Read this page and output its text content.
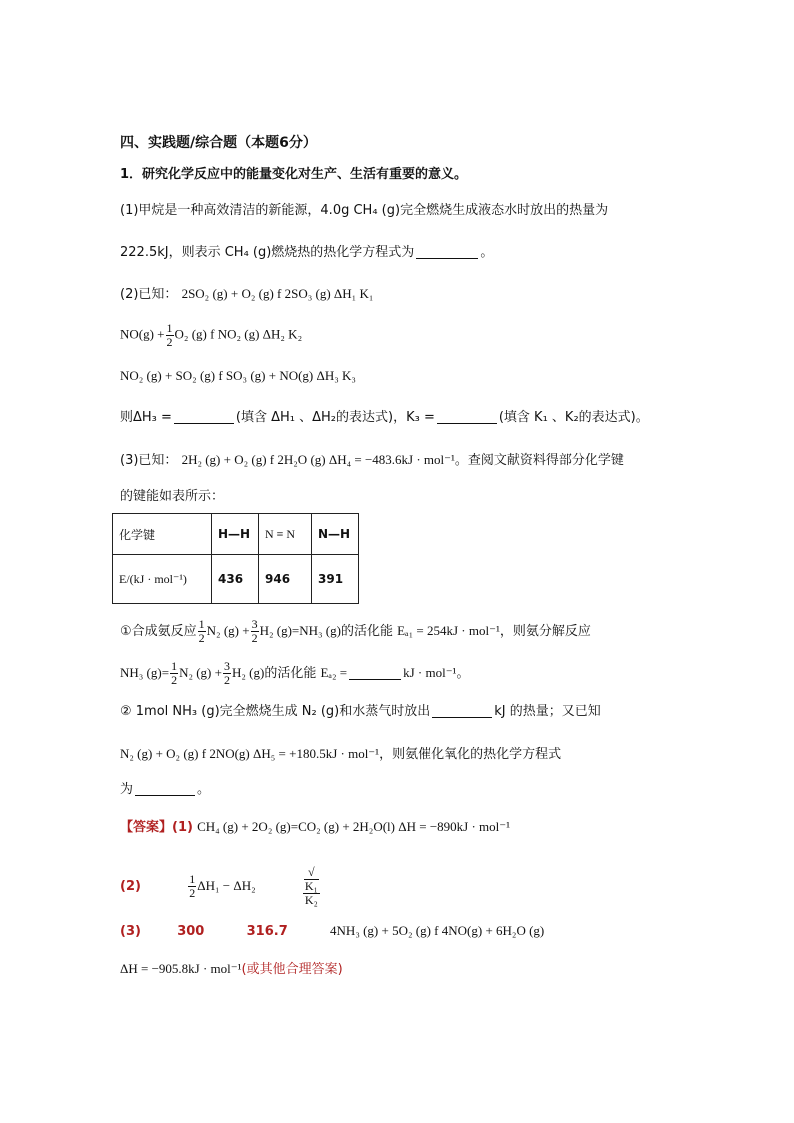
四、实践题/综合题（本题6分）
1．研究化学反应中的能量变化对生产、生活有重要的意义。
(1)甲烷是一种高效清洁的新能源，4.0g CH₄ (g)完全燃烧生成液态水时放出的热量为
222.5kJ，则表示 CH₄ (g)燃烧热的热化学方程式为	。
(2)已知： 2SO₂ (g) + O₂ (g) f 2SO₃ (g) ΔH₁ K₁
$NO(g) + \frac{1}{2} O_2$ (g) f NO₂ (g) ΔH₂ K₂
NO₂ (g) + SO₂ (g) f SO₃ (g) + NO(g) ΔH₃ K₃
则ΔH₃ =	(填含 ΔH₁ 、ΔH₂的表达式)，K₃ =	(填含 K₁ 、K₂的表达式)。
(3)已知： 2H₂ (g) + O₂ (g) f 2H₂O (g) ΔH₄ = −483.6kJ · mol⁻¹。查阅文献资料得部分化学键
的键能如表所示：
化学键	H—H	N ≡ N	N—H
E/(kJ · mol⁻¹)	436	946	391
①合成氨反应 $\frac{1}{2} N_2$ $(g) + \frac{3}{2} H_2$ (g)=NH₃ (g)的活化能 Eₐ₁ = 254kJ · mol⁻¹，则氨分解反应
NH₃ $(g)= \frac{1}{2} N_2$ $(g) + \frac{3}{2} H_2$ (g)的活化能 Eₐ₂ =	kJ · mol⁻¹。
② 1mol NH₃ (g)完全燃烧生成 N₂ (g)和水蒸气时放出	kJ 的热量；又已知
N₂ (g) + O₂ (g) f 2NO(g) ΔH₅ = +180.5kJ · mol⁻¹，则氨催化氧化的热化学方程式
为	。
【答案】(1) CH₄ (g) + 2O₂ (g)=CO₂ (g) + 2H₂O(l) ΔH = −890kJ · mol⁻¹
(2)	$\frac{1}{2} \Delta H_1 - \Delta H_2$	√
K₁
K₂
(3)	300	316.7	4NH₃ (g) + 5O₂ (g) f 4NO(g) + 6H₂O (g)
ΔH = −905.8kJ · mol⁻¹(或其他合理答案)
